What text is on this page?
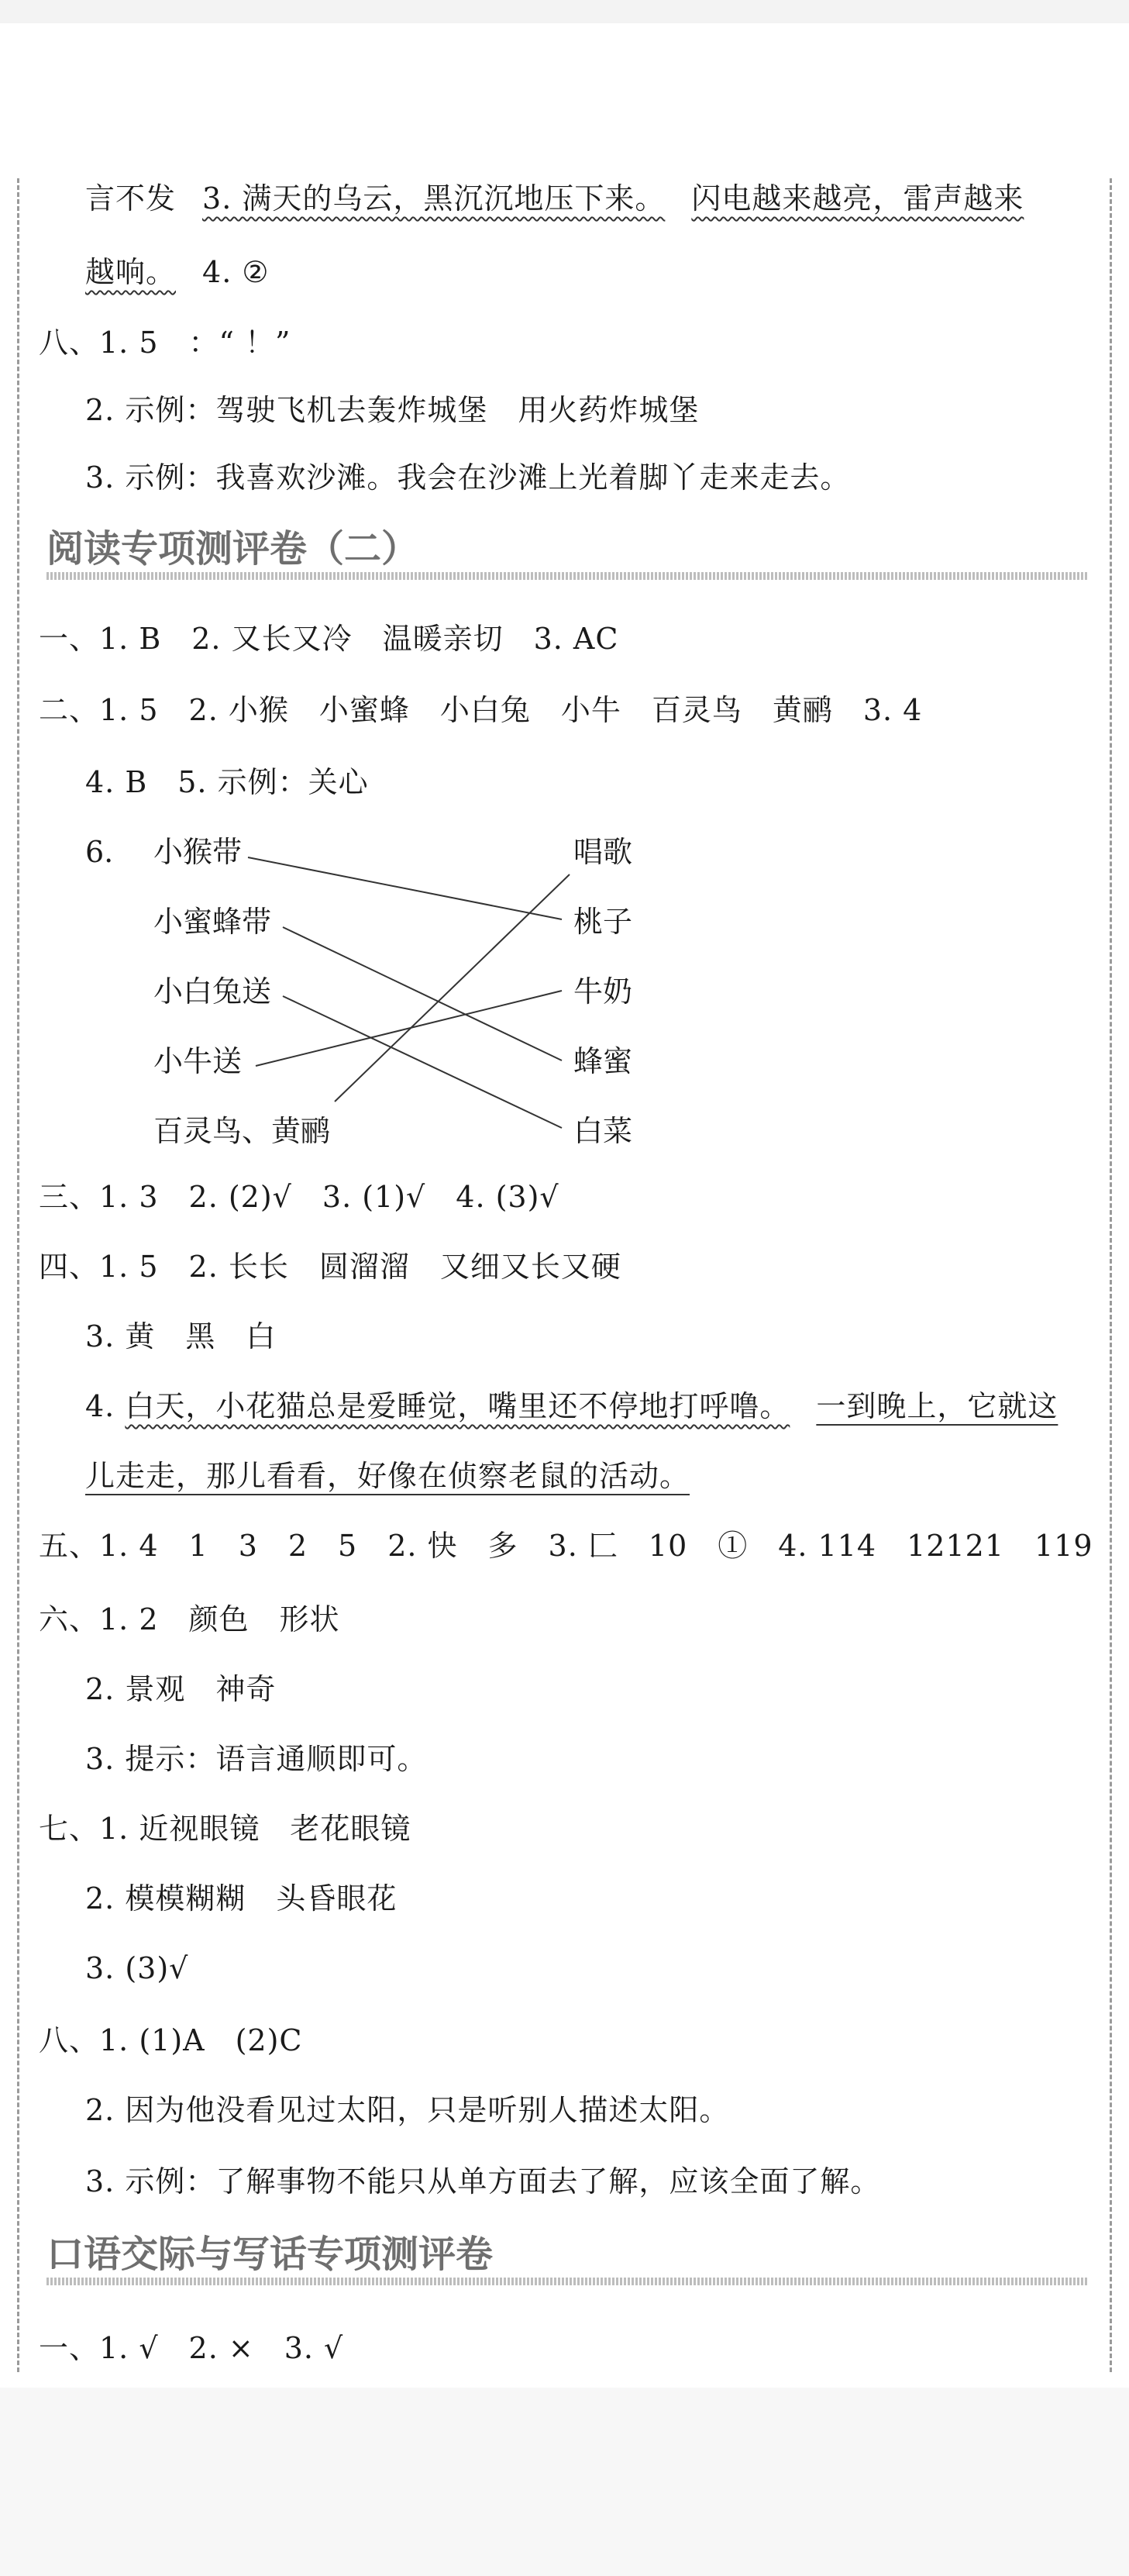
言不发 3. 满天的乌云，黑沉沉地压下来。 闪电越来越亮，雷声越来
越响。 4. ②
八、1. 5　：“ ！”
2. 示例：驾驶飞机去轰炸城堡　用火药炸城堡
3. 示例：我喜欢沙滩。我会在沙滩上光着脚丫走来走去。
阅读专项测评卷（二）
一、1. B　2. 又长又冷　温暖亲切　3. AC
二、1. 5　2. 小猴　小蜜蜂　小白兔　小牛　百灵鸟　黄鹂　3. 4
4. B　5. 示例：关心
6. 小猴带
小蜜蜂带
小白兔送
小牛送
百灵鸟、黄鹂
唱歌
桃子
牛奶
蜂蜜
白菜
三、1. 3　2. (2)√　3. (1)√　4. (3)√
四、1. 5　2. 长长　圆溜溜　又细又长又硬
3. 黄　黑　白
4. 白天，小花猫总是爱睡觉，嘴里还不停地打呼噜。 一到晚上，它就这
儿走走，那儿看看，好像在侦察老鼠的活动。
五、1. 4　1　3　2　5　2. 快　多　3. 匚　10　①　4. 114　12121　119
六、1. 2　颜色　形状
2. 景观　神奇
3. 提示：语言通顺即可。
七、1. 近视眼镜　老花眼镜
2. 模模糊糊　头昏眼花
3. (3)√
八、1. (1)A　(2)C
2. 因为他没看见过太阳，只是听别人描述太阳。
3. 示例：了解事物不能只从单方面去了解，应该全面了解。
口语交际与写话专项测评卷
一、1. √　2. ×　3. √
